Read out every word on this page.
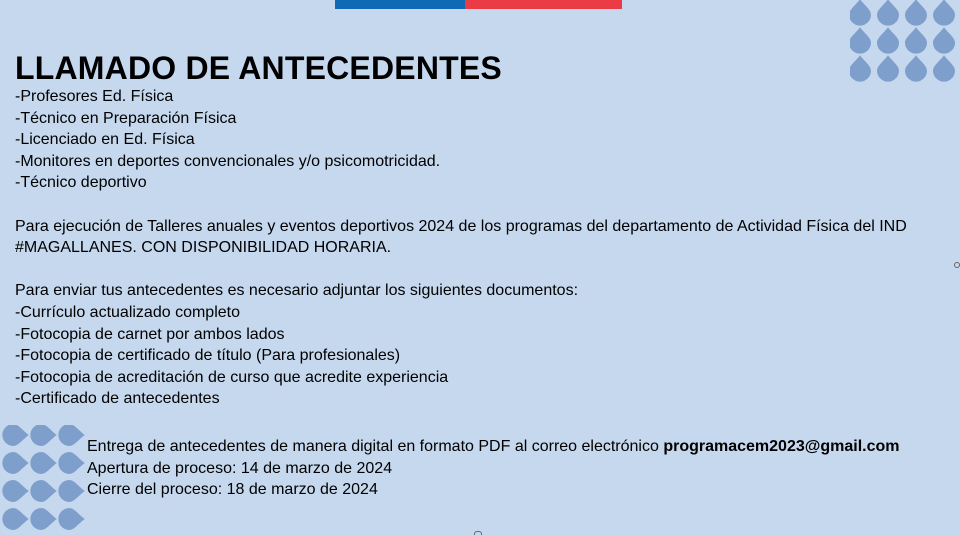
LLAMADO DE ANTECEDENTES
-Profesores Ed. Física
-Técnico en Preparación Física
-Licenciado en Ed. Física
-Monitores en deportes convencionales y/o psicomotricidad.
-Técnico deportivo
Para ejecución de Talleres anuales y eventos deportivos 2024 de los programas del departamento de Actividad Física del IND #MAGALLANES. CON DISPONIBILIDAD HORARIA.
Para enviar tus antecedentes es necesario adjuntar los siguientes documentos:
-Currículo actualizado completo
-Fotocopia de carnet por ambos lados
-Fotocopia de certificado de título (Para profesionales)
-Fotocopia de acreditación de curso que acredite experiencia
-Certificado de antecedentes
Entrega de antecedentes de manera digital en formato PDF al correo electrónico programacem2023@gmail.com
Apertura de proceso: 14 de marzo de 2024
Cierre del proceso: 18 de marzo de 2024
